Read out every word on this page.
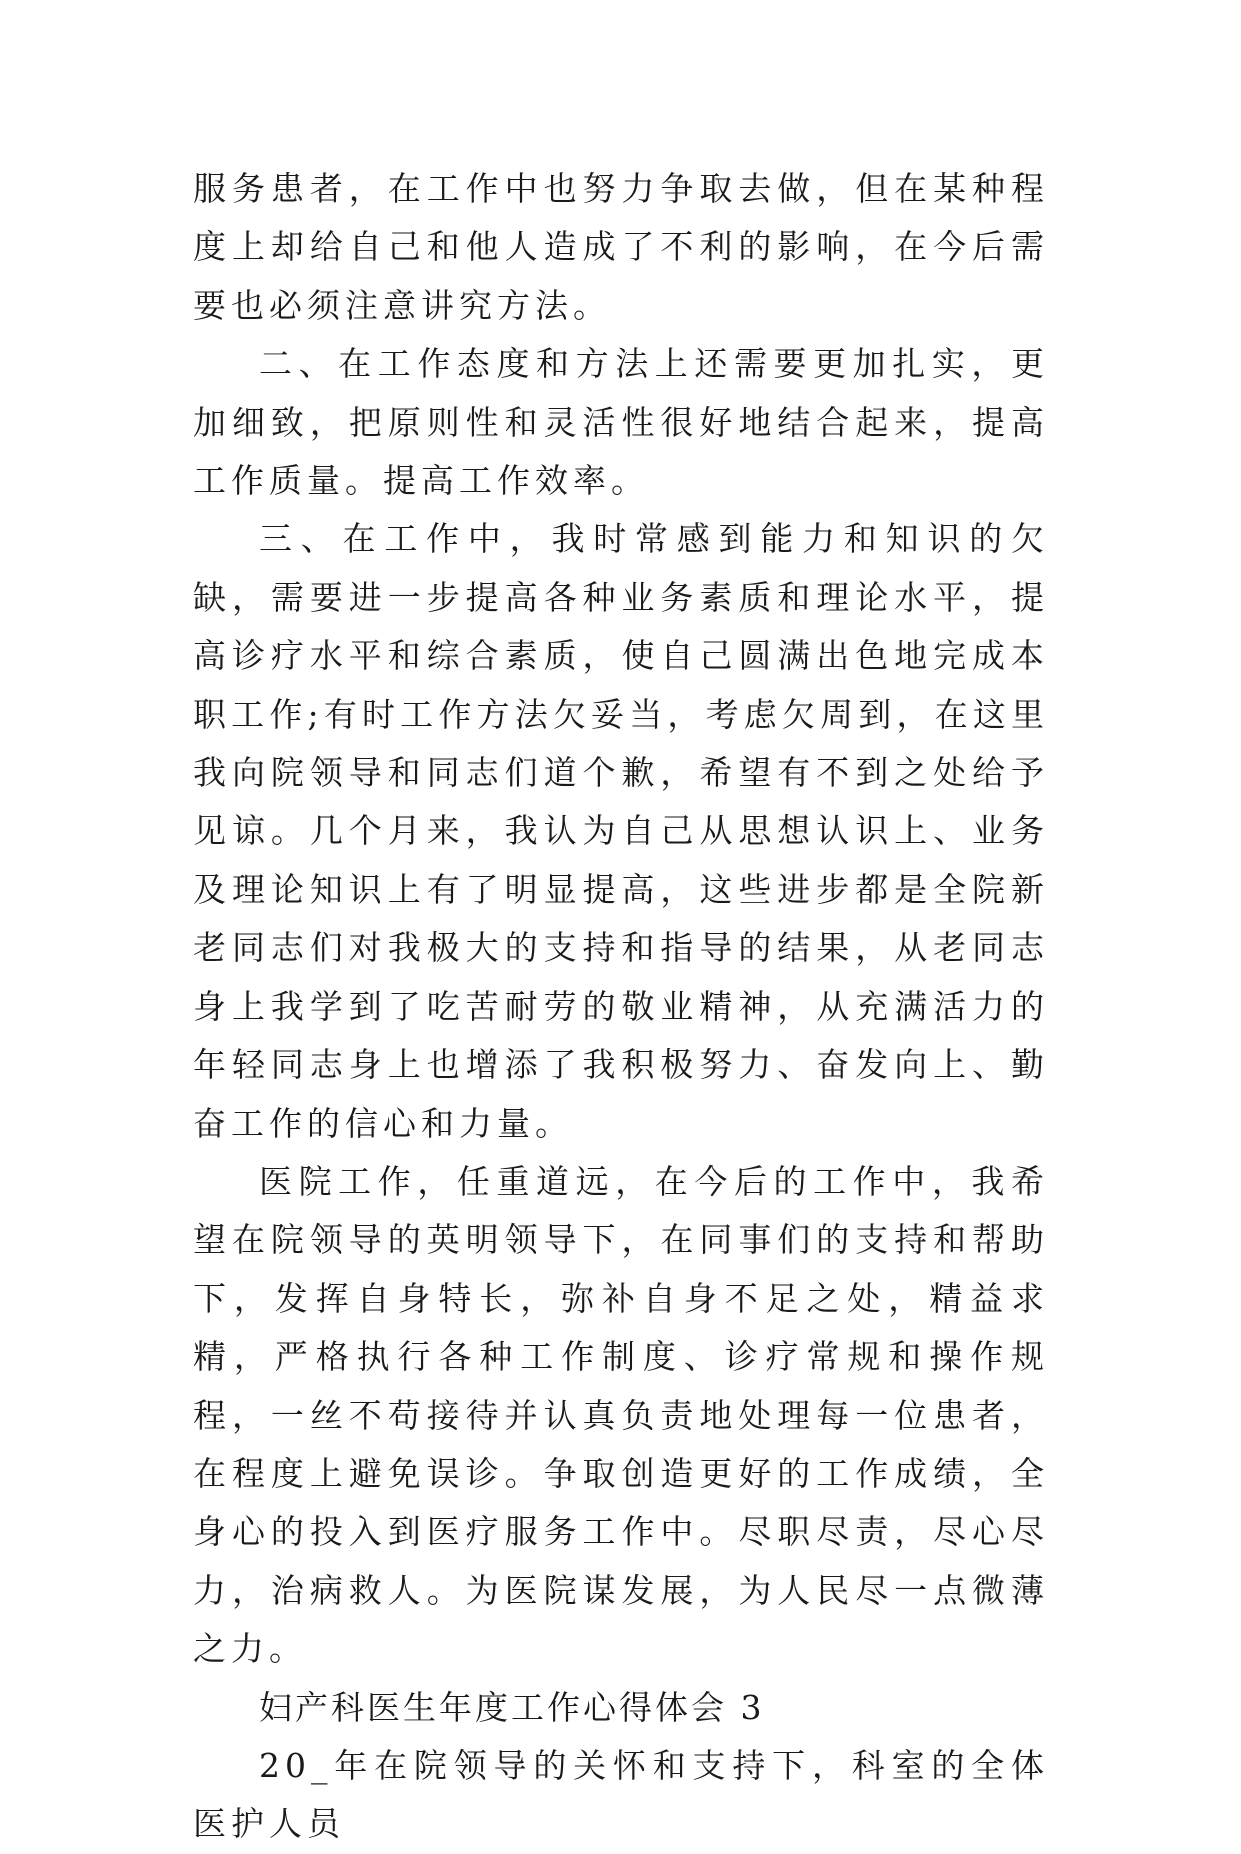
服务患者，在工作中也努力争取去做，但在某种程度上却给自己和他人造成了不利的影响，在今后需要也必须注意讲究方法。

二、在工作态度和方法上还需要更加扎实，更加细致，把原则性和灵活性很好地结合起来，提高工作质量。提高工作效率。

三、在工作中，我时常感到能力和知识的欠缺，需要进一步提高各种业务素质和理论水平，提高诊疗水平和综合素质，使自己圆满出色地完成本职工作;有时工作方法欠妥当，考虑欠周到，在这里我向院领导和同志们道个歉，希望有不到之处给予见谅。几个月来，我认为自己从思想认识上、业务及理论知识上有了明显提高，这些进步都是全院新老同志们对我极大的支持和指导的结果，从老同志身上我学到了吃苦耐劳的敬业精神，从充满活力的年轻同志身上也增添了我积极努力、奋发向上、勤奋工作的信心和力量。

医院工作，任重道远，在今后的工作中，我希望在院领导的英明领导下，在同事们的支持和帮助下，发挥自身特长，弥补自身不足之处，精益求精，严格执行各种工作制度、诊疗常规和操作规程，一丝不苟接待并认真负责地处理每一位患者，在程度上避免误诊。争取创造更好的工作成绩，全身心的投入到医疗服务工作中。尽职尽责，尽心尽力，治病救人。为医院谋发展，为人民尽一点微薄之力。

妇产科医生年度工作心得体会 3

20_年在院领导的关怀和支持下，科室的全体医护人员
